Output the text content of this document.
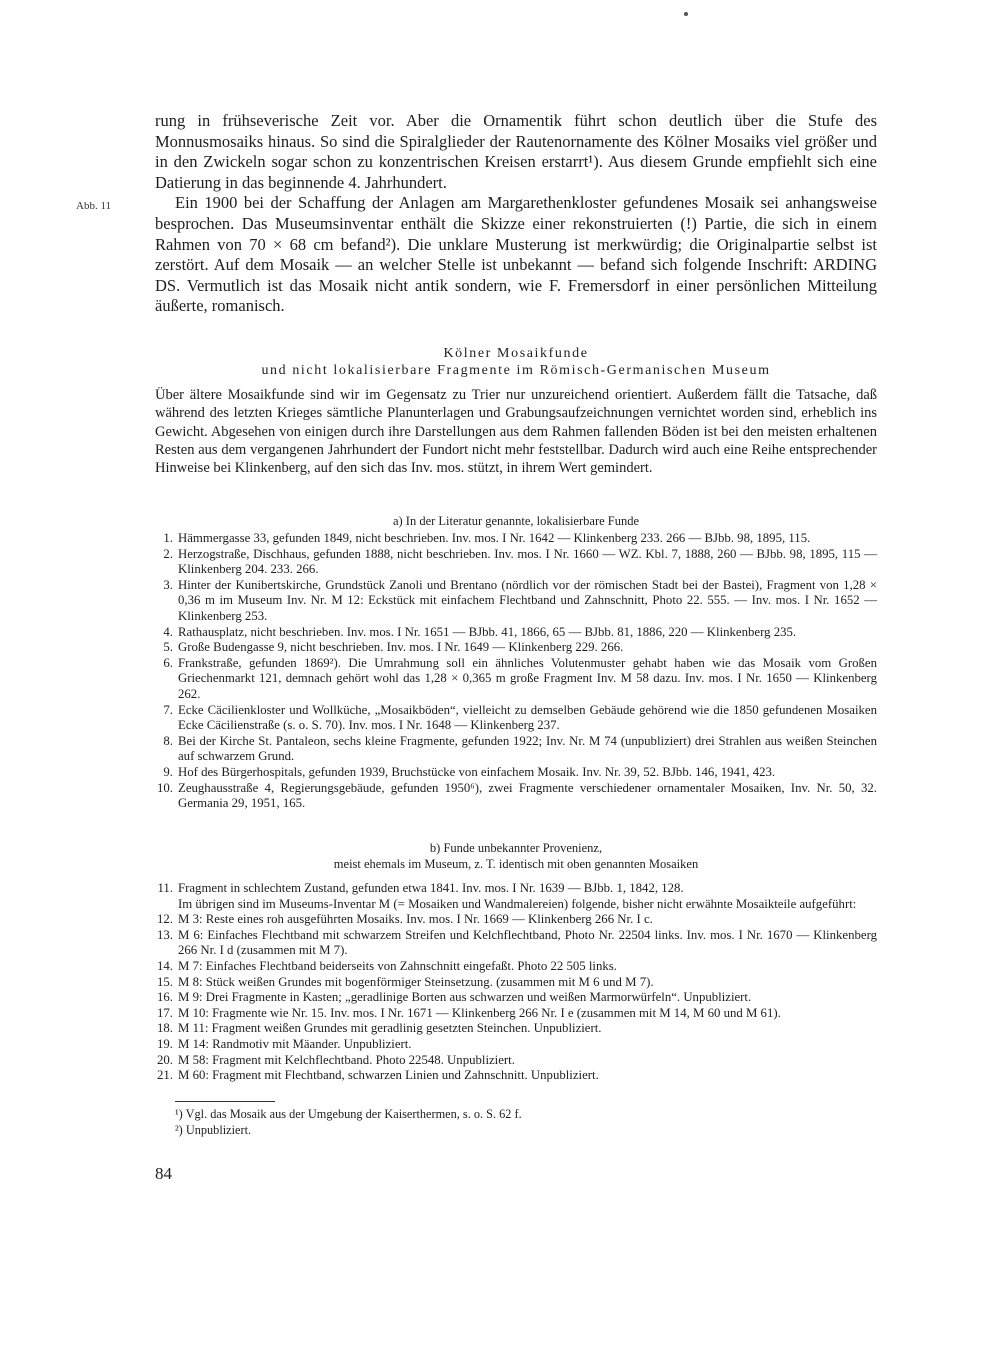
Abb. 11

rung in frühseverische Zeit vor. Aber die Ornamentik führt schon deutlich über die Stufe des Monnusmosaiks hinaus. So sind die Spiralglieder der Rautenornamente des Kölner Mosaiks viel größer und in den Zwickeln sogar schon zu konzentrischen Kreisen erstarrt¹). Aus diesem Grunde empfiehlt sich eine Datierung in das beginnende 4. Jahrhundert.

Ein 1900 bei der Schaffung der Anlagen am Margarethenkloster gefundenes Mosaik sei anhangsweise besprochen. Das Museumsinventar enthält die Skizze einer rekonstruierten (!) Partie, die sich in einem Rahmen von 70 × 68 cm befand²). Die unklare Musterung ist merkwürdig; die Originalpartie selbst ist zerstört. Auf dem Mosaik — an welcher Stelle ist unbekannt — befand sich folgende Inschrift: ARDING DS. Vermutlich ist das Mosaik nicht antik sondern, wie F. Fremersdorf in einer persönlichen Mitteilung äußerte, romanisch.

Kölner Mosaikfunde
und nicht lokalisierbare Fragmente im Römisch-Germanischen Museum

Über ältere Mosaikfunde sind wir im Gegensatz zu Trier nur unzureichend orientiert. Außerdem fällt die Tatsache, daß während des letzten Krieges sämtliche Planunterlagen und Grabungsaufzeichnungen vernichtet worden sind, erheblich ins Gewicht. Abgesehen von einigen durch ihre Darstellungen aus dem Rahmen fallenden Böden ist bei den meisten erhaltenen Resten aus dem vergangenen Jahrhundert der Fundort nicht mehr feststellbar. Dadurch wird auch eine Reihe entsprechender Hinweise bei Klinkenberg, auf den sich das Inv. mos. stützt, in ihrem Wert gemindert.

a) In der Literatur genannte, lokalisierbare Funde
1. Hämmergasse 33, gefunden 1849, nicht beschrieben. Inv. mos. I Nr. 1642 — Klinkenberg 233. 266 — BJbb. 98, 1895, 115.
2. Herzogstraße, Dischhaus, gefunden 1888, nicht beschrieben. Inv. mos. I Nr. 1660 — WZ. Kbl. 7, 1888, 260 — BJbb. 98, 1895, 115 — Klinkenberg 204. 233. 266.
3. Hinter der Kunibertskirche, Grundstück Zanoli und Brentano (nördlich vor der römischen Stadt bei der Bastei), Fragment von 1,28 × 0,36 m im Museum Inv. Nr. M 12: Eckstück mit einfachem Flechtband und Zahnschnitt, Photo 22. 555. — Inv. mos. I Nr. 1652 — Klinkenberg 253.
4. Rathausplatz, nicht beschrieben. Inv. mos. I Nr. 1651 — BJbb. 41, 1866, 65 — BJbb. 81, 1886, 220 — Klinkenberg 235.
5. Große Budengasse 9, nicht beschrieben. Inv. mos. I Nr. 1649 — Klinkenberg 229. 266.
6. Frankstraße, gefunden 1869²). Die Umrahmung soll ein ähnliches Volutenmuster gehabt haben wie das Mosaik vom Großen Griechenmarkt 121, demnach gehört wohl das 1,28 × 0,365 m große Fragment Inv. M 58 dazu. Inv. mos. I Nr. 1650 — Klinkenberg 262.
7. Ecke Cäcilienkloster und Wollküche, „Mosaikböden“, vielleicht zu demselben Gebäude gehörend wie die 1850 gefundenen Mosaiken Ecke Cäcilienstraße (s. o. S. 70). Inv. mos. I Nr. 1648 — Klinkenberg 237.
8. Bei der Kirche St. Pantaleon, sechs kleine Fragmente, gefunden 1922; Inv. Nr. M 74 (unpubliziert) drei Strahlen aus weißen Steinchen auf schwarzem Grund.
9. Hof des Bürgerhospitals, gefunden 1939, Bruchstücke von einfachem Mosaik. Inv. Nr. 39, 52. BJbb. 146, 1941, 423.
10. Zeughausstraße 4, Regierungsgebäude, gefunden 1950⁶), zwei Fragmente verschiedener ornamentaler Mosaiken, Inv. Nr. 50, 32. Germania 29, 1951, 165.
b) Funde unbekannter Provenienz,
meist ehemals im Museum, z. T. identisch mit oben genannten Mosaiken
11. Fragment in schlechtem Zustand, gefunden etwa 1841. Inv. mos. I Nr. 1639 — BJbb. 1, 1842, 128.
Im übrigen sind im Museums-Inventar M (= Mosaiken und Wandmalereien) folgende, bisher nicht erwähnte Mosaikteile aufgeführt:
12. M 3: Reste eines roh ausgeführten Mosaiks. Inv. mos. I Nr. 1669 — Klinkenberg 266 Nr. I c.
13. M 6: Einfaches Flechtband mit schwarzem Streifen und Kelchflechtband, Photo Nr. 22504 links. Inv. mos. I Nr. 1670 — Klinkenberg 266 Nr. I d (zusammen mit M 7).
14. M 7: Einfaches Flechtband beiderseits von Zahnschnitt eingefaßt. Photo 22 505 links.
15. M 8: Stück weißen Grundes mit bogenförmiger Steinsetzung. (zusammen mit M 6 und M 7).
16. M 9: Drei Fragmente in Kasten; „geradlinige Borten aus schwarzen und weißen Marmorwürfeln“. Unpubliziert.
17. M 10: Fragmente wie Nr. 15. Inv. mos. I Nr. 1671 — Klinkenberg 266 Nr. I e (zusammen mit M 14, M 60 und M 61).
18. M 11: Fragment weißen Grundes mit geradlinig gesetzten Steinchen. Unpubliziert.
19. M 14: Randmotiv mit Mäander. Unpubliziert.
20. M 58: Fragment mit Kelchflechtband. Photo 22548. Unpubliziert.
21. M 60: Fragment mit Flechtband, schwarzen Linien und Zahnschnitt. Unpubliziert.
¹) Vgl. das Mosaik aus der Umgebung der Kaiserthermen, s. o. S. 62 f.
²) Unpubliziert.
84
